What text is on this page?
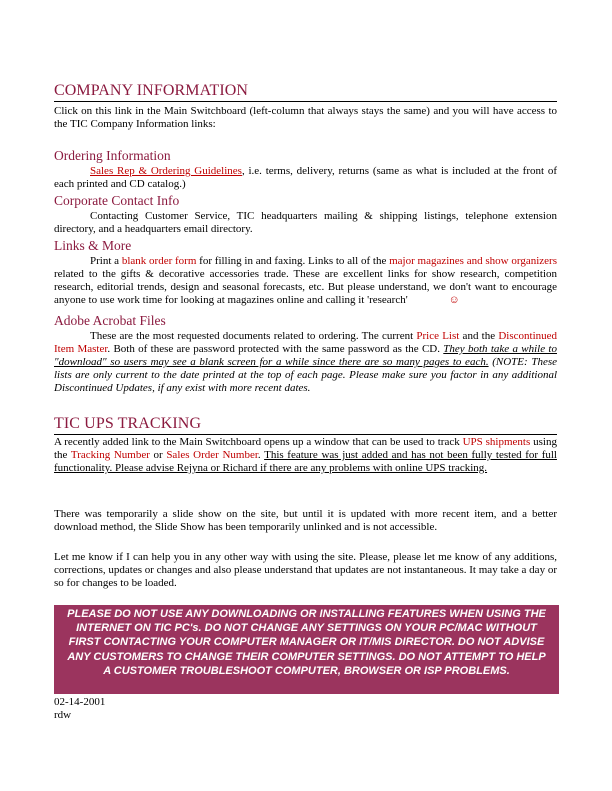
COMPANY INFORMATION

Click on this link in the Main Switchboard (left-column that always stays the same) and you will have access to the TIC Company Information links:

Ordering Information

Sales Rep & Ordering Guidelines, i.e. terms, delivery, returns (same as what is included at the front of each printed and CD catalog.)

Corporate Contact Info

Contacting Customer Service, TIC headquarters mailing & shipping listings, telephone extension directory, and a headquarters email directory.

Links & More

Print a blank order form for filling in and faxing. Links to all of the major magazines and show organizers related to the gifts & decorative accessories trade. These are excellent links for show research, competition research, editorial trends, design and seasonal forecasts, etc. But please understand, we don't want to encourage anyone to use work time for looking at magazines online and calling it 'research'	☺

Adobe Acrobat Files

These are the most requested documents related to ordering. The current Price List and the Discontinued Item Master. Both of these are password protected with the same password as the CD. They both take a while to "download" so users may see a blank screen for a while since there are so many pages to each. (NOTE: These lists are only current to the date printed at the top of each page. Please make sure you factor in any additional Discontinued Updates, if any exist with more recent dates.

TIC UPS TRACKING

A recently added link to the Main Switchboard opens up a window that can be used to track UPS shipments using the Tracking Number or Sales Order Number. This feature was just added and has not been fully tested for full functionality. Please advise Rejyna or Richard if there are any problems with online UPS tracking.

There was temporarily a slide show on the site, but until it is updated with more recent item, and a better download method, the Slide Show has been temporarily unlinked and is not accessible.

Let me know if I can help you in any other way with using the site. Please, please let me know of any additions, corrections, updates or changes and also please understand that updates are not instantaneous. It may take a day or so for changes to be loaded.

PLEASE DO NOT USE ANY DOWNLOADING OR INSTALLING FEATURES WHEN USING THE INTERNET ON TIC PC's. DO NOT CHANGE ANY SETTINGS ON YOUR PC/MAC WITHOUT FIRST CONTACTING YOUR COMPUTER MANAGER OR IT/MIS DIRECTOR. DO NOT ADVISE ANY CUSTOMERS TO CHANGE THEIR COMPUTER SETTINGS. DO NOT ATTEMPT TO HELP A CUSTOMER TROUBLESHOOT COMPUTER, BROWSER OR ISP PROBLEMS.
02-14-2001
rdw
